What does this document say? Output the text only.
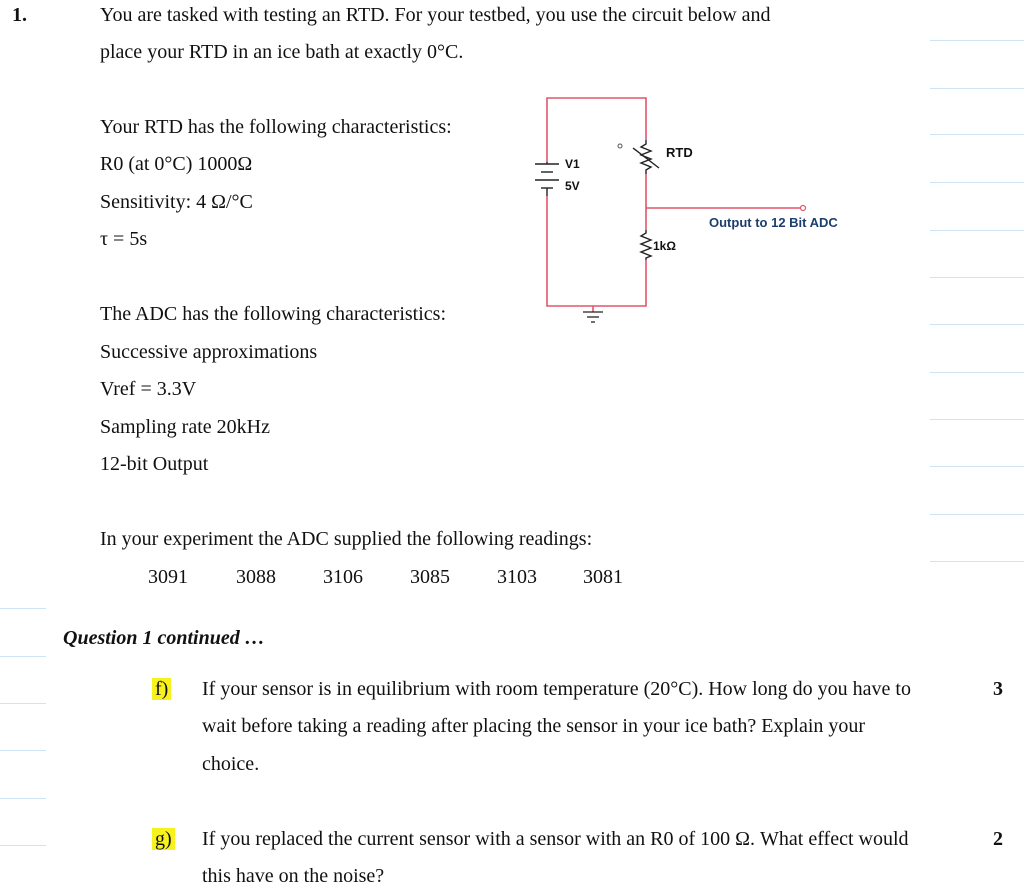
1.	You are tasked with testing an RTD. For your testbed, you use the circuit below and
place your RTD in an ice bath at exactly 0°C.
Your RTD has the following characteristics:
R0 (at 0°C) 1000Ω
Sensitivity: 4 Ω/°C
τ = 5s
The ADC has the following characteristics:
Successive approximations
Vref = 3.3V
Sampling rate 20kHz
12-bit Output
V1
5V
RTD
1kΩ
Output to 12 Bit ADC
In your experiment the ADC supplied the following readings:
3091 3088 3106 3085 3103 3081
Question 1 continued …
f) If your sensor is in equilibrium with room temperature (20°C). How long do you have to
wait before taking a reading after placing the sensor in your ice bath? Explain your
choice.
3
g) If you replaced the current sensor with a sensor with an R0 of 100 Ω. What effect would
this have on the noise?
2
